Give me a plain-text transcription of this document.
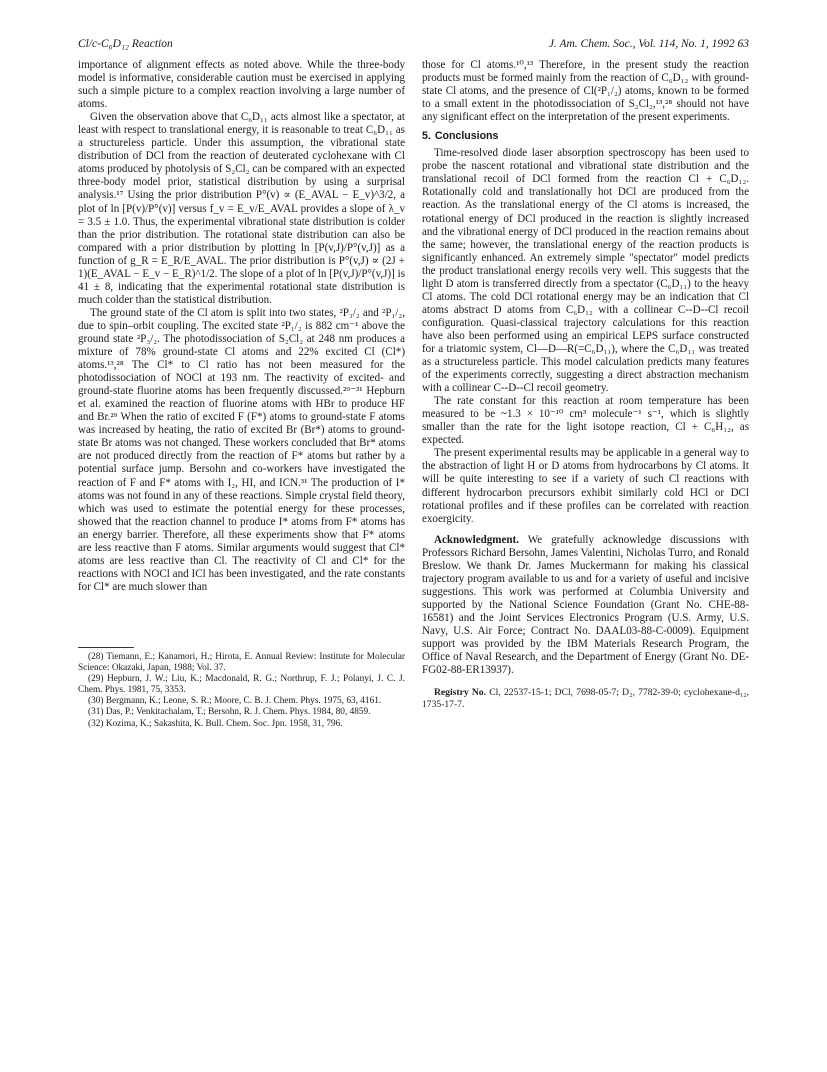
Cl/c-C₆D₁₂ Reaction	J. Am. Chem. Soc., Vol. 114, No. 1, 1992 63

importance of alignment effects as noted above. While the three-body model is informative, considerable caution must be exercised in applying such a simple picture to a complex reaction involving a large number of atoms.

Given the observation above that C₆D₁₁ acts almost like a spectator, at least with respect to translational energy, it is reasonable to treat C₆D₁₁ as a structureless particle. Under this assumption, the vibrational state distribution of DCl from the reaction of deuterated cyclohexane with Cl atoms produced by photolysis of S₂Cl₂ can be compared with an expected three-body model prior, statistical distribution by using a surprisal analysis.¹⁷ Using the prior distribution P°(v) ∝ (E_AVAL − E_v)^3/2, a plot of ln [P(v)/P°(v)] versus f_v = E_v/E_AVAL provides a slope of λ_v = 3.5 ± 1.0. Thus, the experimental vibrational state distribution is colder than the prior distribution. The rotational state distribution can also be compared with a prior distribution by plotting ln [P(v,J)/P°(v,J)] as a function of g_R = E_R/E_AVAL. The prior distribution is P°(v,J) ∝ (2J + 1)(E_AVAL − E_v − E_R)^1/2. The slope of a plot of ln [P(v,J)/P°(v,J)] is 41 ± 8, indicating that the experimental rotational state distribution is much colder than the statistical distribution.

The ground state of the Cl atom is split into two states, ²P₃/₂ and ²P₁/₂, due to spin–orbit coupling. The excited state ²P₁/₂ is 882 cm⁻¹ above the ground state ²P₃/₂. The photodissociation of S₂Cl₂ at 248 nm produces a mixture of 78% ground-state Cl atoms and 22% excited Cl (Cl*) atoms.¹³,²⁸ The Cl* to Cl ratio has not been measured for the photodissociation of NOCl at 193 nm. The reactivity of excited- and ground-state fluorine atoms has been frequently discussed.²⁹⁻³¹ Hepburn et al. examined the reaction of fluorine atoms with HBr to produce HF and Br.²⁹ When the ratio of excited F (F*) atoms to ground-state F atoms was increased by heating, the ratio of excited Br (Br*) atoms to ground-state Br atoms was not changed. These workers concluded that Br* atoms are not produced directly from the reaction of F* atoms but rather by a potential surface jump. Bersohn and co-workers have investigated the reaction of F and F* atoms with I₂, HI, and ICN.³¹ The production of I* atoms was not found in any of these reactions. Simple crystal field theory, which was used to estimate the potential energy for these processes, showed that the reaction channel to produce I* atoms from F* atoms has an energy barrier. Therefore, all these experiments show that F* atoms are less reactive than F atoms. Similar arguments would suggest that Cl* atoms are less reactive than Cl. The reactivity of Cl and Cl* for the reactions with NOCl and ICl has been investigated, and the rate constants for Cl* are much slower than

(28) Tiemann, E.; Kanamori, H.; Hirota, E. Annual Review: Institute for Molecular Science: Okazaki, Japan, 1988; Vol. 37.

(29) Hepburn, J. W.; Liu, K.; Macdonald, R. G.; Northrup, F. J.; Polanyi, J. C. J. Chem. Phys. 1981, 75, 3353.

(30) Bergmann, K.; Leone, S. R.; Moore, C. B. J. Chem. Phys. 1975, 63, 4161.

(31) Das, P.; Venkitachalam, T.; Bersohn, R. J. Chem. Phys. 1984, 80, 4859.

(32) Kozima, K.; Sakashita, K. Bull. Chem. Soc. Jpn. 1958, 31, 796.

those for Cl atoms.¹⁰,¹³ Therefore, in the present study the reaction products must be formed mainly from the reaction of C₆D₁₂ with ground-state Cl atoms, and the presence of Cl(²P₁/₂) atoms, known to be formed to a small extent in the photodissociation of S₂Cl₂,¹³,²⁸ should not have any significant effect on the interpretation of the present experiments.

5. Conclusions

Time-resolved diode laser absorption spectroscopy has been used to probe the nascent rotational and vibrational state distribution and the translational recoil of DCl formed from the reaction Cl + C₆D₁₂. Rotationally cold and translationally hot DCl are produced from the reaction. As the translational energy of the Cl atoms is increased, the rotational energy of DCl produced in the reaction is slightly increased and the vibrational energy of DCl produced in the reaction remains about the same; however, the translational energy of the reaction products is significantly enhanced. An extremely simple "spectator" model predicts the product translational energy recoils very well. This suggests that the light D atom is transferred directly from a spectator (C₆D₁₁) to the heavy Cl atoms. The cold DCl rotational energy may be an indication that Cl atoms abstract D atoms from C₆D₁₂ with a collinear C--D--Cl recoil configuration. Quasi-classical trajectory calculations for this reaction have also been performed using an empirical LEPS surface constructed for a triatomic system, Cl—D—R(=C₆D₁₁), where the C₆D₁₁ was treated as a structureless particle. This model calculation predicts many features of the experiments correctly, suggesting a direct abstraction mechanism with a collinear C--D--Cl recoil geometry.

The rate constant for this reaction at room temperature has been measured to be ~1.3 × 10⁻¹⁰ cm³ molecule⁻¹ s⁻¹, which is slightly smaller than the rate for the light isotope reaction, Cl + C₆H₁₂, as expected.

The present experimental results may be applicable in a general way to the abstraction of light H or D atoms from hydrocarbons by Cl atoms. It will be quite interesting to see if a variety of such Cl reactions with different hydrocarbon precursors exhibit similarly cold HCl or DCl rotational profiles and if these profiles can be correlated with reaction exoergicity.

Acknowledgment. We gratefully acknowledge discussions with Professors Richard Bersohn, James Valentini, Nicholas Turro, and Ronald Breslow. We thank Dr. James Muckermann for making his classical trajectory program available to us and for a variety of useful and incisive suggestions. This work was performed at Columbia University and supported by the National Science Foundation (Grant No. CHE-88-16581) and the Joint Services Electronics Program (U.S. Army, U.S. Navy, U.S. Air Force; Contract No. DAAL03-88-C-0009). Equipment support was provided by the IBM Materials Research Program, the Office of Naval Research, and the Department of Energy (Grant No. DE-FG02-88-ER13937).

Registry No. Cl, 22537-15-1; DCl, 7698-05-7; D₂, 7782-39-0; cyclohexane-d₁₂, 1735-17-7.
